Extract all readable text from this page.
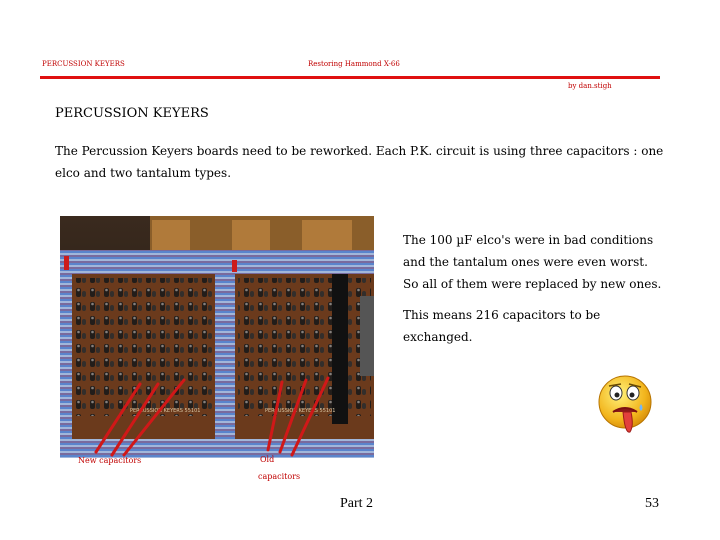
PERCUSSION KEYERS	Restoring Hammond X-66
by dan.stigh
PERCUSSION KEYERS
The Percussion Keyers boards need to be reworked. Each P.K. circuit is using three capacitors : one elco and two tantalum types.
PERCUSSION KEYERS 55101	PERCUSSION KEYERS 55101
New capacitors	Old
capacitors

The 100 µF elco's were in bad conditions and the tantalum ones were even worst. So all of them were replaced by new ones.

This means 216 capacitors to be exchanged.

Part 2	53
